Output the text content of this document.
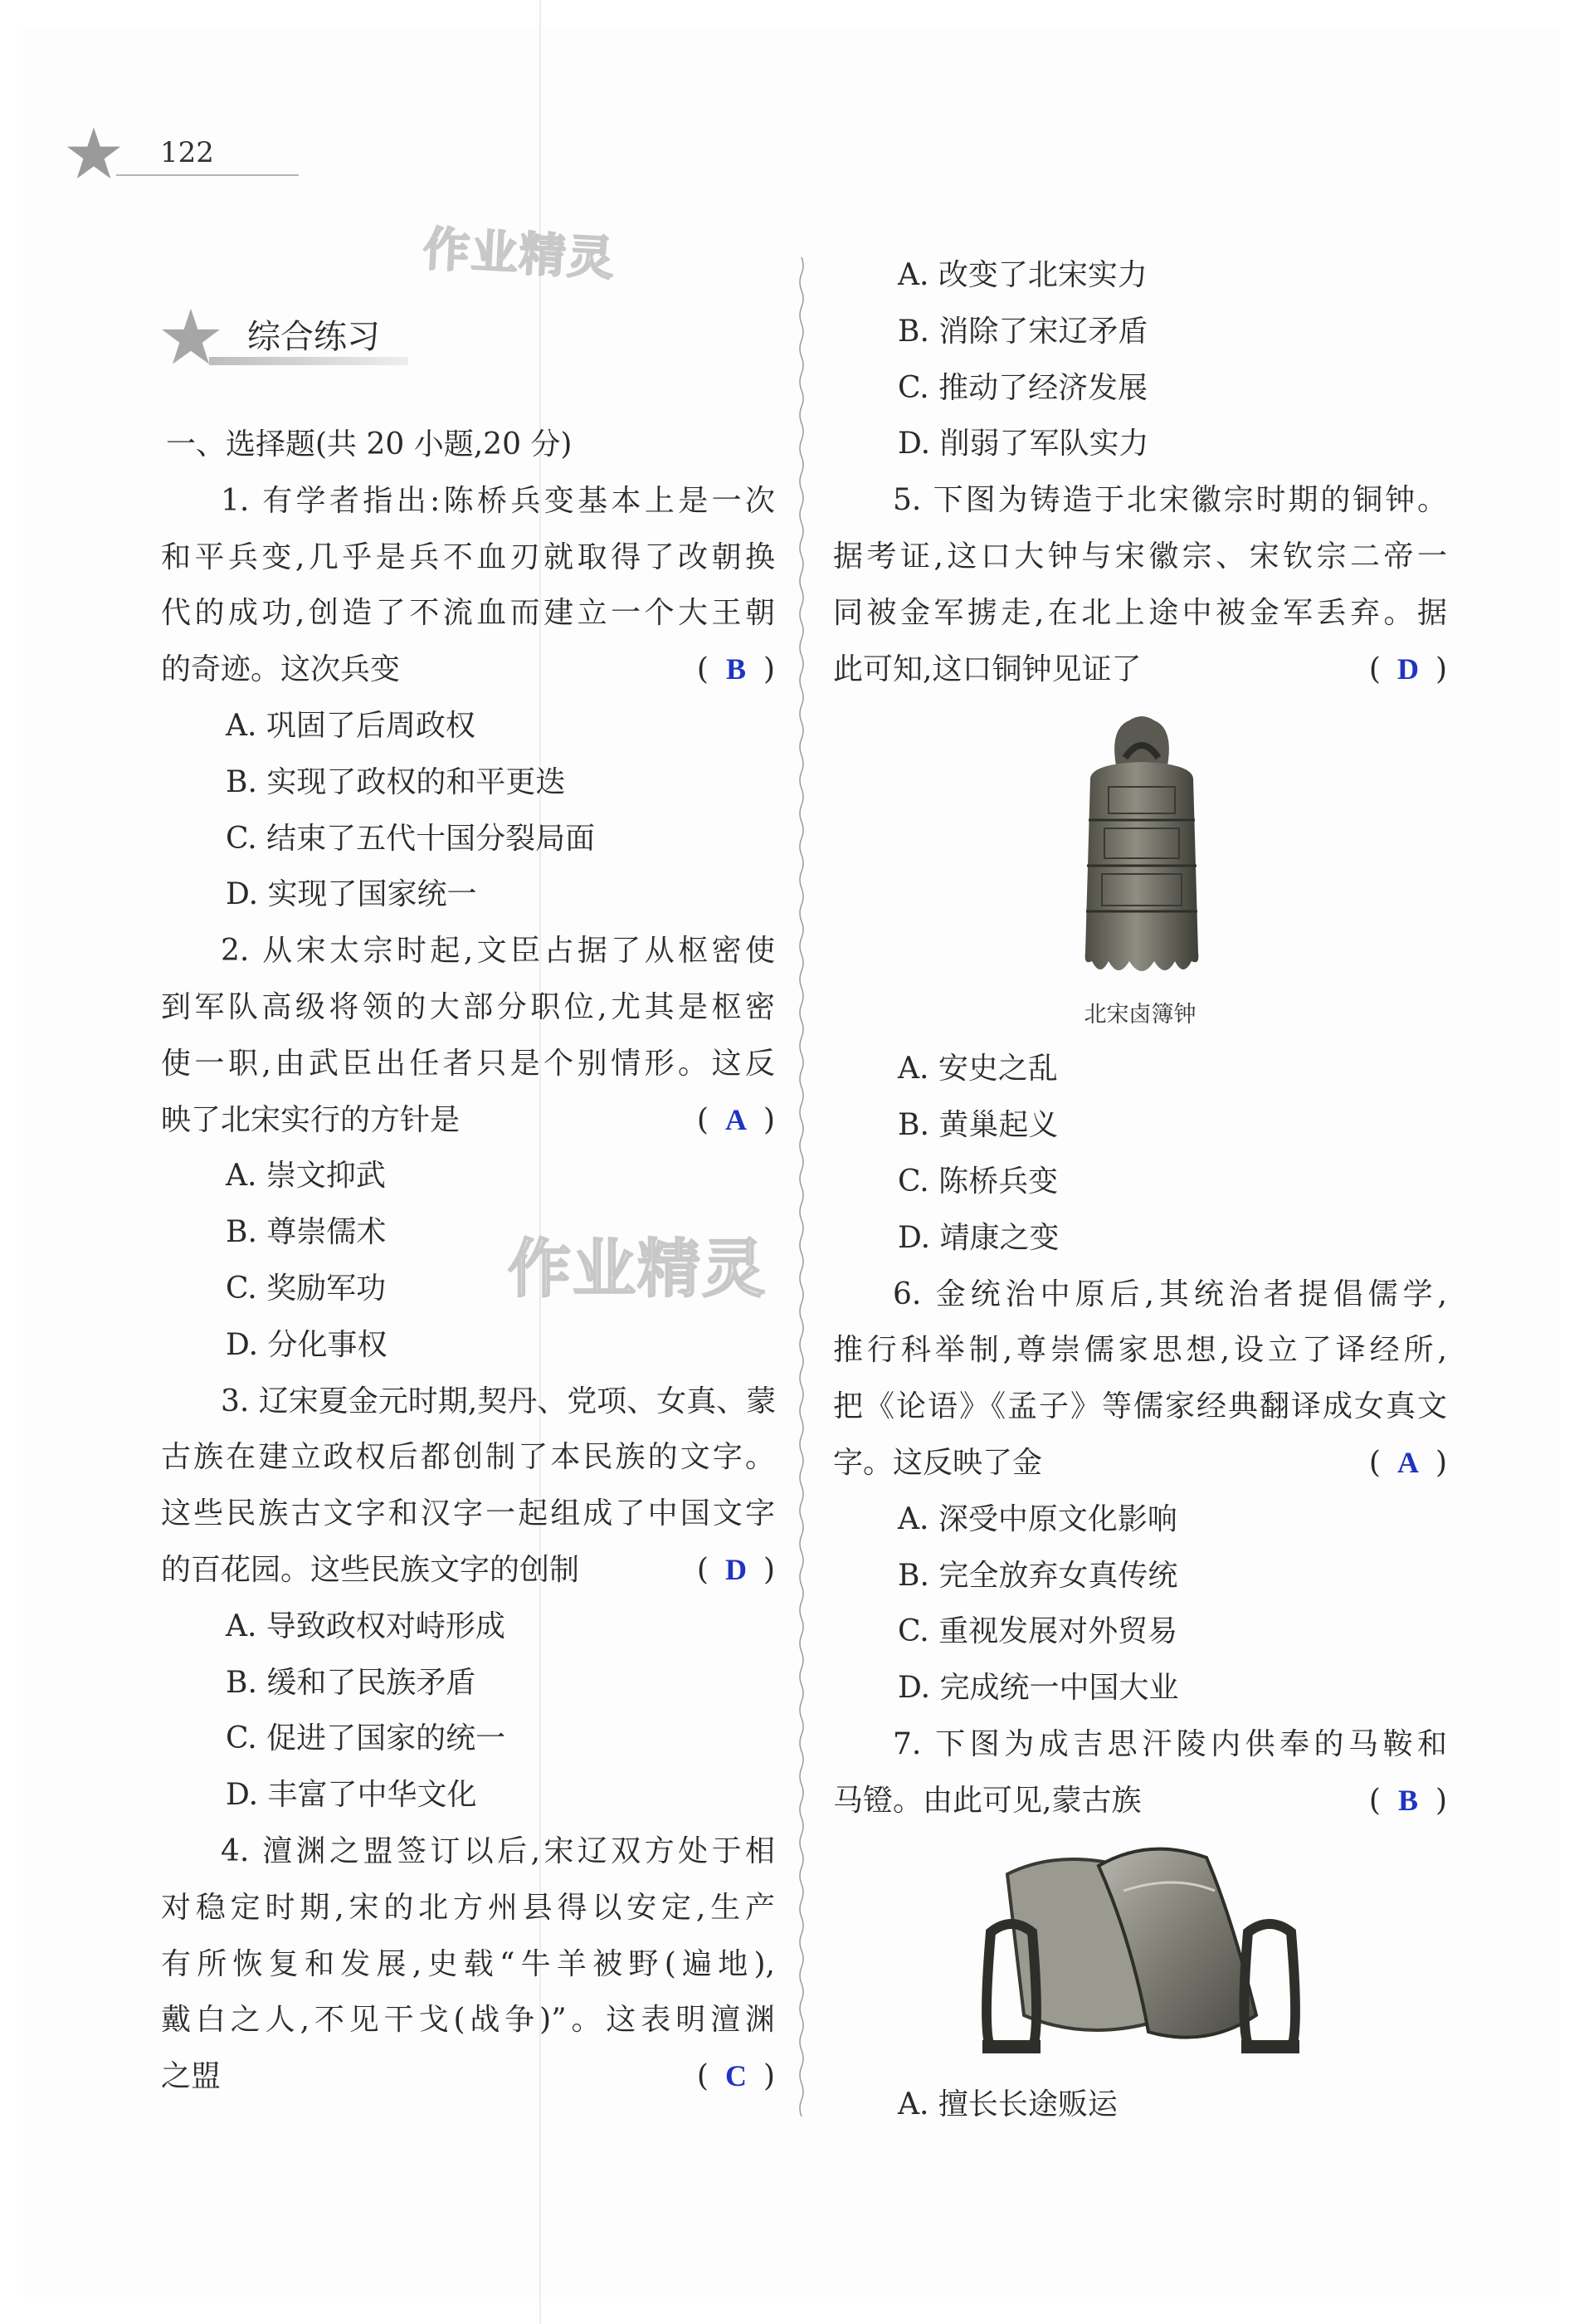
122
作业精灵
作业精灵
综合练习
一、选择题(共 20 小题,20 分)
1. 有学者指出:陈桥兵变基本上是一次
和平兵变,几乎是兵不血刃就取得了改朝换
代的成功,创造了不流血而建立一个大王朝
的奇迹。这次兵变	( B )
A. 巩固了后周政权
B. 实现了政权的和平更迭
C. 结束了五代十国分裂局面
D. 实现了国家统一
2. 从宋太宗时起,文臣占据了从枢密使
到军队高级将领的大部分职位,尤其是枢密
使一职,由武臣出任者只是个别情形。这反
映了北宋实行的方针是	( A )
A. 崇文抑武
B. 尊崇儒术
C. 奖励军功
D. 分化事权
3. 辽宋夏金元时期,契丹、党项、女真、蒙
古族在建立政权后都创制了本民族的文字。
这些民族古文字和汉字一起组成了中国文字
的百花园。这些民族文字的创制	( D )
A. 导致政权对峙形成
B. 缓和了民族矛盾
C. 促进了国家的统一
D. 丰富了中华文化
4. 澶渊之盟签订以后,宋辽双方处于相
对稳定时期,宋的北方州县得以安定,生产
有所恢复和发展,史载“牛羊被野(遍地),
戴白之人,不见干戈(战争)”。这表明澶渊
之盟	( C )
A. 改变了北宋实力
B. 消除了宋辽矛盾
C. 推动了经济发展
D. 削弱了军队实力
5. 下图为铸造于北宋徽宗时期的铜钟。
据考证,这口大钟与宋徽宗、宋钦宗二帝一
同被金军掳走,在北上途中被金军丢弃。据
此可知,这口铜钟见证了	( D )
北宋卤簿钟
A. 安史之乱
B. 黄巢起义
C. 陈桥兵变
D. 靖康之变
6. 金统治中原后,其统治者提倡儒学,
推行科举制,尊崇儒家思想,设立了译经所,
把《论语》《孟子》等儒家经典翻译成女真文
字。这反映了金	( A )
A. 深受中原文化影响
B. 完全放弃女真传统
C. 重视发展对外贸易
D. 完成统一中国大业
7. 下图为成吉思汗陵内供奉的马鞍和
马镫。由此可见,蒙古族	( B )
A. 擅长长途贩运
